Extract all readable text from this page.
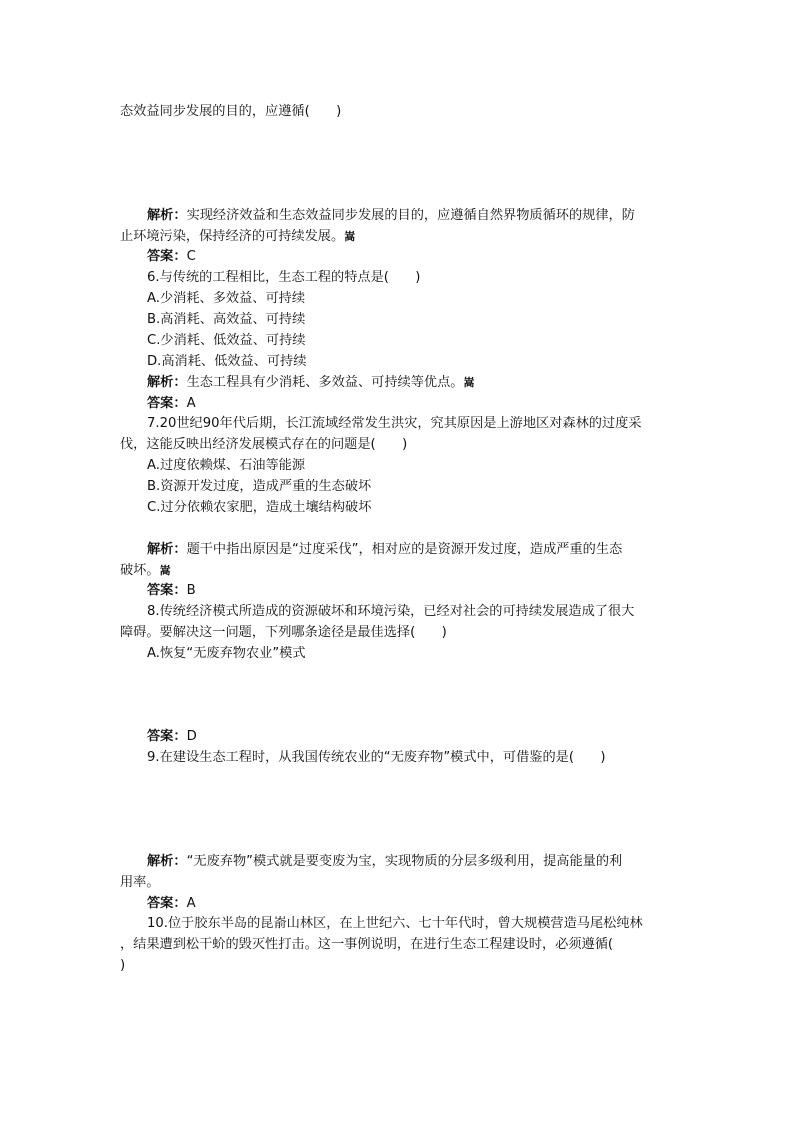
态效益同步发展的目的，应遵循(　　)
解析：实现经济效益和生态效益同步发展的目的，应遵循自然界物质循环的规律，防
止环境污染，保持经济的可持续发展。嵩
答案：C
6.与传统的工程相比，生态工程的特点是(　　)
A.少消耗、多效益、可持续
B.高消耗、高效益、可持续
C.少消耗、低效益、可持续
D.高消耗、低效益、可持续
解析：生态工程具有少消耗、多效益、可持续等优点。嵩
答案：A
7.20世纪90年代后期，长江流域经常发生洪灾，究其原因是上游地区对森林的过度采
伐，这能反映出经济发展模式存在的问题是(　　)
A.过度依赖煤、石油等能源
B.资源开发过度，造成严重的生态破坏
C.过分依赖农家肥，造成土壤结构破坏
解析：题干中指出原因是“过度采伐”，相对应的是资源开发过度，造成严重的生态
破坏。嵩
答案：B
8.传统经济模式所造成的资源破坏和环境污染，已经对社会的可持续发展造成了很大
障碍。要解决这一问题，下列哪条途径是最佳选择(　　)
A.恢复“无废弃物农业”模式
答案：D
9.在建设生态工程时，从我国传统农业的“无废弃物”模式中，可借鉴的是(　　)
解析：“无废弃物”模式就是要变废为宝，实现物质的分层多级利用，提高能量的利
用率。
答案：A
10.位于胶东半岛的昆嵛山林区，在上世纪六、七十年代时，曾大规模营造马尾松纯林
，结果遭到松干蚧的毁灭性打击。这一事例说明，在进行生态工程建设时，必须遵循(
)
